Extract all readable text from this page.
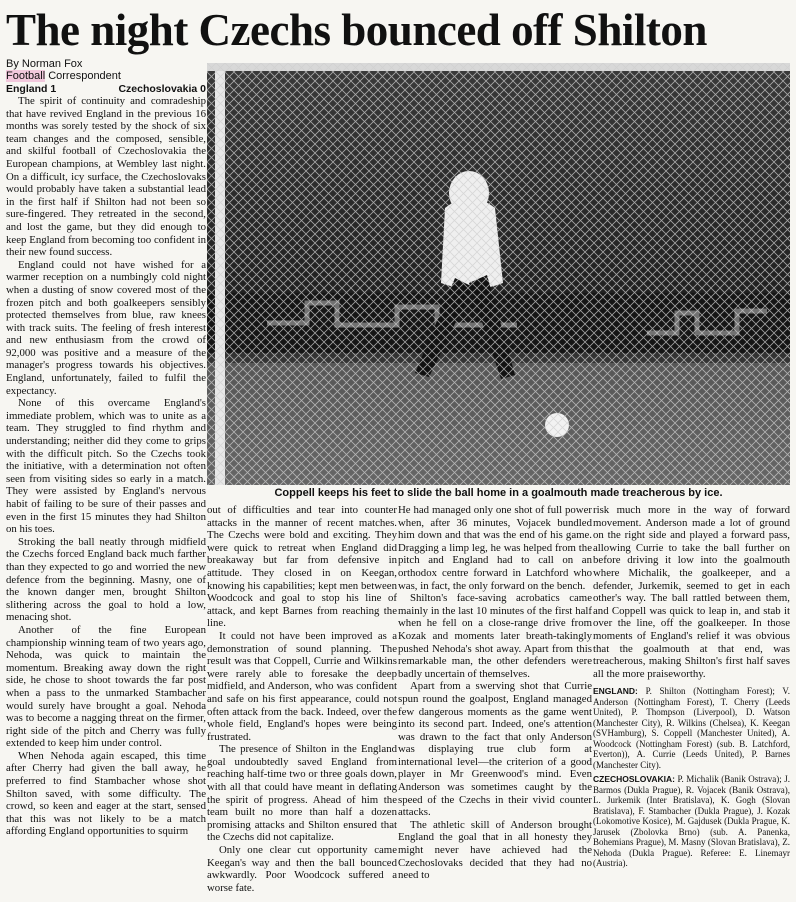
The night Czechs bounced off Shilton
By Norman Fox
Football Correspondent
England 1	Czechoslovakia 0

The spirit of continuity and comradeship that have revived England in the previous 16 months was sorely tested by the shock of six team changes and the composed, sensible, and skilful football of Czechoslovakia the European champions, at Wembley last night. On a difficult, icy surface, the Czechoslovaks would probably have taken a substantial lead in the first half if Shilton had not been so sure-fingered. They retreated in the second, and lost the game, but they did enough to keep England from becoming too confident in their new found success.

England could not have wished for a warmer reception on a numbingly cold night when a dusting of snow covered most of the frozen pitch and both goalkeepers sensibly protected themselves from blue, raw knees with track suits. The feeling of fresh interest and new enthusiasm from the crowd of 92,000 was positive and a measure of the manager's progress towards his objectives. England, unfortunately, failed to fulfil the expectancy.

None of this overcame England's immediate problem, which was to unite as a team. They struggled to find rhythm and understanding; neither did they come to grips with the difficult pitch. So the Czechs took the initiative, with a determination not often seen from visiting sides so early in a match. They were assisted by England's nervous habit of failing to be sure of their passes and even in the first 15 minutes they had Shilton on his toes.

Stroking the ball neatly through midfield the Czechs forced England back much farther than they expected to go and worried the new defence from the beginning. Masny, one of the known danger men, brought Shilton slithering across the goal to hold a low, menacing shot.

Another of the fine European championship winning team of two years ago, Nehoda, was quick to maintain the momentum. Breaking away down the right side, he chose to shoot towards the far post when a pass to the unmarked Stambacher would surely have brought a goal. Nehoda was to become a nagging threat on the firmer, right side of the pitch and Cherry was fully extended to keep him under control.

When Nehoda again escaped, this time after Cherry had given the ball away, he preferred to find Stambacher whose shot Shilton saved, with some difficulty. The crowd, so keen and eager at the start, sensed that this was not likely to be a match affording England opportunities to squirm

Coppell keeps his feet to slide the ball home in a goalmouth made treacherous by ice.

out of difficulties and tear into counter attacks in the manner of recent matches. The Czechs were bold and exciting. They were quick to retreat when England did breakaway but far from defensive in attitude. They closed in on Keegan, knowing his capabilities; kept men between Woodcock and goal to stop his line of attack, and kept Barnes from reaching the line.

It could not have been improved as a demonstration of sound planning. The result was that Coppell, Currie and Wilkins were rarely able to foresake the deep midfield, and Anderson, who was confident and safe on his first appearance, could not often attack from the back. Indeed, over the whole field, England's hopes were being frustrated.

The presence of Shilton in the England goal undoubtedly saved England from reaching half-time two or three goals down, with all that could have meant in deflating the spirit of progress. Ahead of him the team built no more than half a dozen promising attacks and Shilton ensured that the Czechs did not capitalize.

Only one clear cut opportunity came Keegan's way and then the ball bounced awkwardly. Poor Woodcock suffered a worse fate.

He had managed only one shot of full power when, after 36 minutes, Vojacek bundled him down and that was the end of his game. Dragging a limp leg, he was helped from the pitch and England had to call on an orthodox centre forward in Latchford who was, in fact, the only forward on the bench.

Shilton's face-saving acrobatics came mainly in the last 10 minutes of the first half when he fell on a close-range drive from Kozak and moments later breath-takingly pushed Nehoda's shot away. Apart from this remarkable man, the other defenders were badly uncertain of themselves.

Apart from a swerving shot that Currie spun round the goalpost, England managed few dangerous moments as the game went into its second part. Indeed, one's attention was drawn to the fact that only Anderson was displaying true club form at international level—the criterion of a good player in Mr Greenwood's mind. Even Anderson was sometimes caught by the speed of the Czechs in their vivid counter attacks.

The athletic skill of Anderson brought England the goal that in all honesty they might never have achieved had the Czechoslovaks decided that they had no need to

risk much more in the way of forward movement. Anderson made a lot of ground on the right side and played a forward pass, allowing Currie to take the ball further on before driving it low into the goalmouth where Michalik, the goalkeeper, and a defender, Jurkemik, seemed to get in each other's way. The ball rattled between them, and Coppell was quick to leap in, and stab it over the line, off the goalkeeper. In those moments of England's relief it was obvious that the goalmouth at that end, was treacherous, making Shilton's first half saves all the more praiseworthy.

ENGLAND: P. Shilton (Nottingham Forest); V. Anderson (Nottingham Forest), T. Cherry (Leeds United), P. Thompson (Liverpool), D. Watson (Manchester City), R. Wilkins (Chelsea), K. Keegan (SVHamburg), S. Coppell (Manchester United), A. Woodcock (Nottingham Forest) (sub. B. Latchford, Everton)), A. Currie (Leeds United), P. Barnes (Manchester City).

CZECHOSLOVAKIA: P. Michalik (Banik Ostrava); J. Barmos (Dukla Prague), R. Vojacek (Banik Ostrava), L. Jurkemik (Inter Bratislava), K. Gogh (Slovan Bratislava), F. Stambacher (Dukla Prague), J. Kozak (Lokomotive Kosice), M. Gajdusek (Dukla Prague, K. Jarusek (Zbolovka Brno) (sub. A. Panenka, Bohemians Prague), M. Masny (Slovan Bratislava), Z. Nehoda (Dukla Prague). Referee: E. Linemayr (Austria).
